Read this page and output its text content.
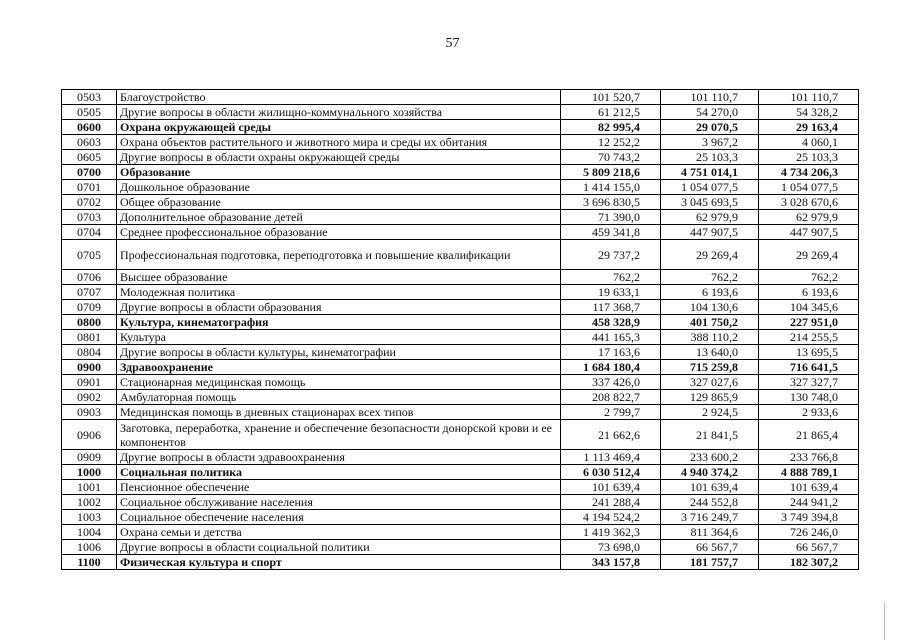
57
0503	Благоустройство	101 520,7	101 110,7	101 110,7
0505	Другие вопросы в области жилищно-коммунального хозяйства	61 212,5	54 270,0	54 328,2
0600	Охрана окружающей среды	82 995,4	29 070,5	29 163,4
0603	Охрана объектов растительного и животного мира и среды их обитания	12 252,2	3 967,2	4 060,1
0605	Другие вопросы в области охраны окружающей среды	70 743,2	25 103,3	25 103,3
0700	Образование	5 809 218,6	4 751 014,1	4 734 206,3
0701	Дошкольное образование	1 414 155,0	1 054 077,5	1 054 077,5
0702	Общее образование	3 696 830,5	3 045 693,5	3 028 670,6
0703	Дополнительное образование детей	71 390,0	62 979,9	62 979,9
0704	Среднее профессиональное образование	459 341,8	447 907,5	447 907,5
0705	Профессиональная подготовка, переподготовка и повышение квалификации	29 737,2	29 269,4	29 269,4
0706	Высшее образование	762,2	762,2	762,2
0707	Молодежная политика	19 633,1	6 193,6	6 193,6
0709	Другие вопросы в области образования	117 368,7	104 130,6	104 345,6
0800	Культура, кинематография	458 328,9	401 750,2	227 951,0
0801	Культура	441 165,3	388 110,2	214 255,5
0804	Другие вопросы в области культуры, кинематографии	17 163,6	13 640,0	13 695,5
0900	Здравоохранение	1 684 180,4	715 259,8	716 641,5
0901	Стационарная медицинская помощь	337 426,0	327 027,6	327 327,7
0902	Амбулаторная помощь	208 822,7	129 865,9	130 748,0
0903	Медицинская помощь в дневных стационарах всех типов	2 799,7	2 924,5	2 933,6
0906	Заготовка, переработка, хранение и обеспечение безопасности донорской крови и ее компонентов	21 662,6	21 841,5	21 865,4
0909	Другие вопросы в области здравоохранения	1 113 469,4	233 600,2	233 766,8
1000	Социальная политика	6 030 512,4	4 940 374,2	4 888 789,1
1001	Пенсионное обеспечение	101 639,4	101 639,4	101 639,4
1002	Социальное обслуживание населения	241 288,4	244 552,8	244 941,2
1003	Социальное обеспечение населения	4 194 524,2	3 716 249,7	3 749 394,8
1004	Охрана семьи и детства	1 419 362,3	811 364,6	726 246,0
1006	Другие вопросы в области социальной политики	73 698,0	66 567,7	66 567,7
1100	Физическая культура и спорт	343 157,8	181 757,7	182 307,2
